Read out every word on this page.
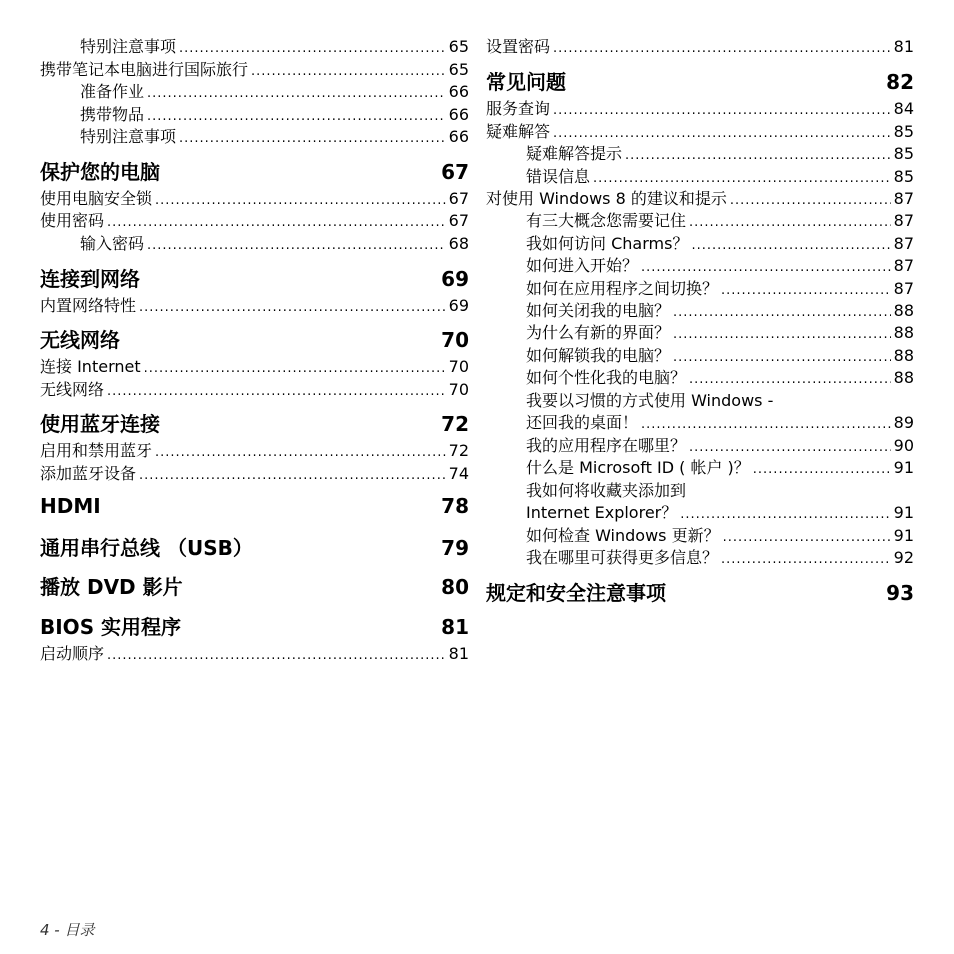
特别注意事项 .....	65
携带笔记本电脑进行国际旅行 .....	65
准备作业 .....	66
携带物品 .....	66
特别注意事项 .....	66
保护您的电脑	67
使用电脑安全锁 .....	67
使用密码 .....	67
输入密码 .....	68
连接到网络	69
内置网络特性 .....	69
无线网络	70
连接 Internet .....	70
无线网络 .....	70
使用蓝牙连接	72
启用和禁用蓝牙 .....	72
添加蓝牙设备 .....	74
HDMI	78
通用串行总线 （USB）	79
播放 DVD 影片	80
BIOS 实用程序	81
启动顺序 .....	81
设置密码 .....	81
常见问题	82
服务查询 .....	84
疑难解答 .....	85
疑难解答提示 .....	85
错误信息 .....	85
对使用 Windows 8 的建议和提示 .....	87
有三大概念您需要记住 .....	87
我如何访问 Charms？ .....	87
如何进入开始？ .....	87
如何在应用程序之间切换？ .....	87
如何关闭我的电脑？ .....	88
为什么有新的界面？ .....	88
如何解锁我的电脑？ .....	88
如何个性化我的电脑？ .....	88
我要以习惯的方式使用 Windows -
还回我的桌面！ .....	89
我的应用程序在哪里？ .....	90
什么是 Microsoft ID ( 帐户 )？ .....	91
我如何将收藏夹添加到
Internet Explorer？ .....	91
如何检查 Windows 更新？ .....	91
我在哪里可获得更多信息？ .....	92
规定和安全注意事项	93
4 - 目录
